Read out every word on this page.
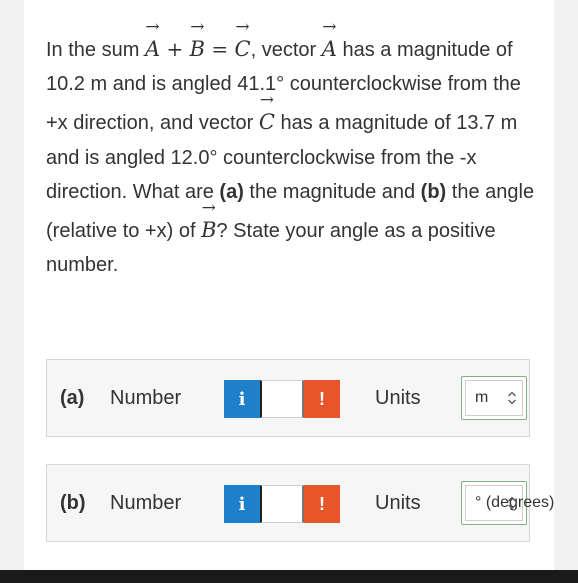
In the sum → A + → B = → C, vector → A has a magnitude of 10.2 m and is angled 41.1° counterclockwise from the +x direction, and vector → C has a magnitude of 13.7 m and is angled 12.0° counterclockwise from the -x direction. What are (a) the magnitude and (b) the angle (relative to +x) of → B? State your angle as a positive number.
(a) Number	i	!	Units	m
(b) Number	i	!	Units	° (degrees)
